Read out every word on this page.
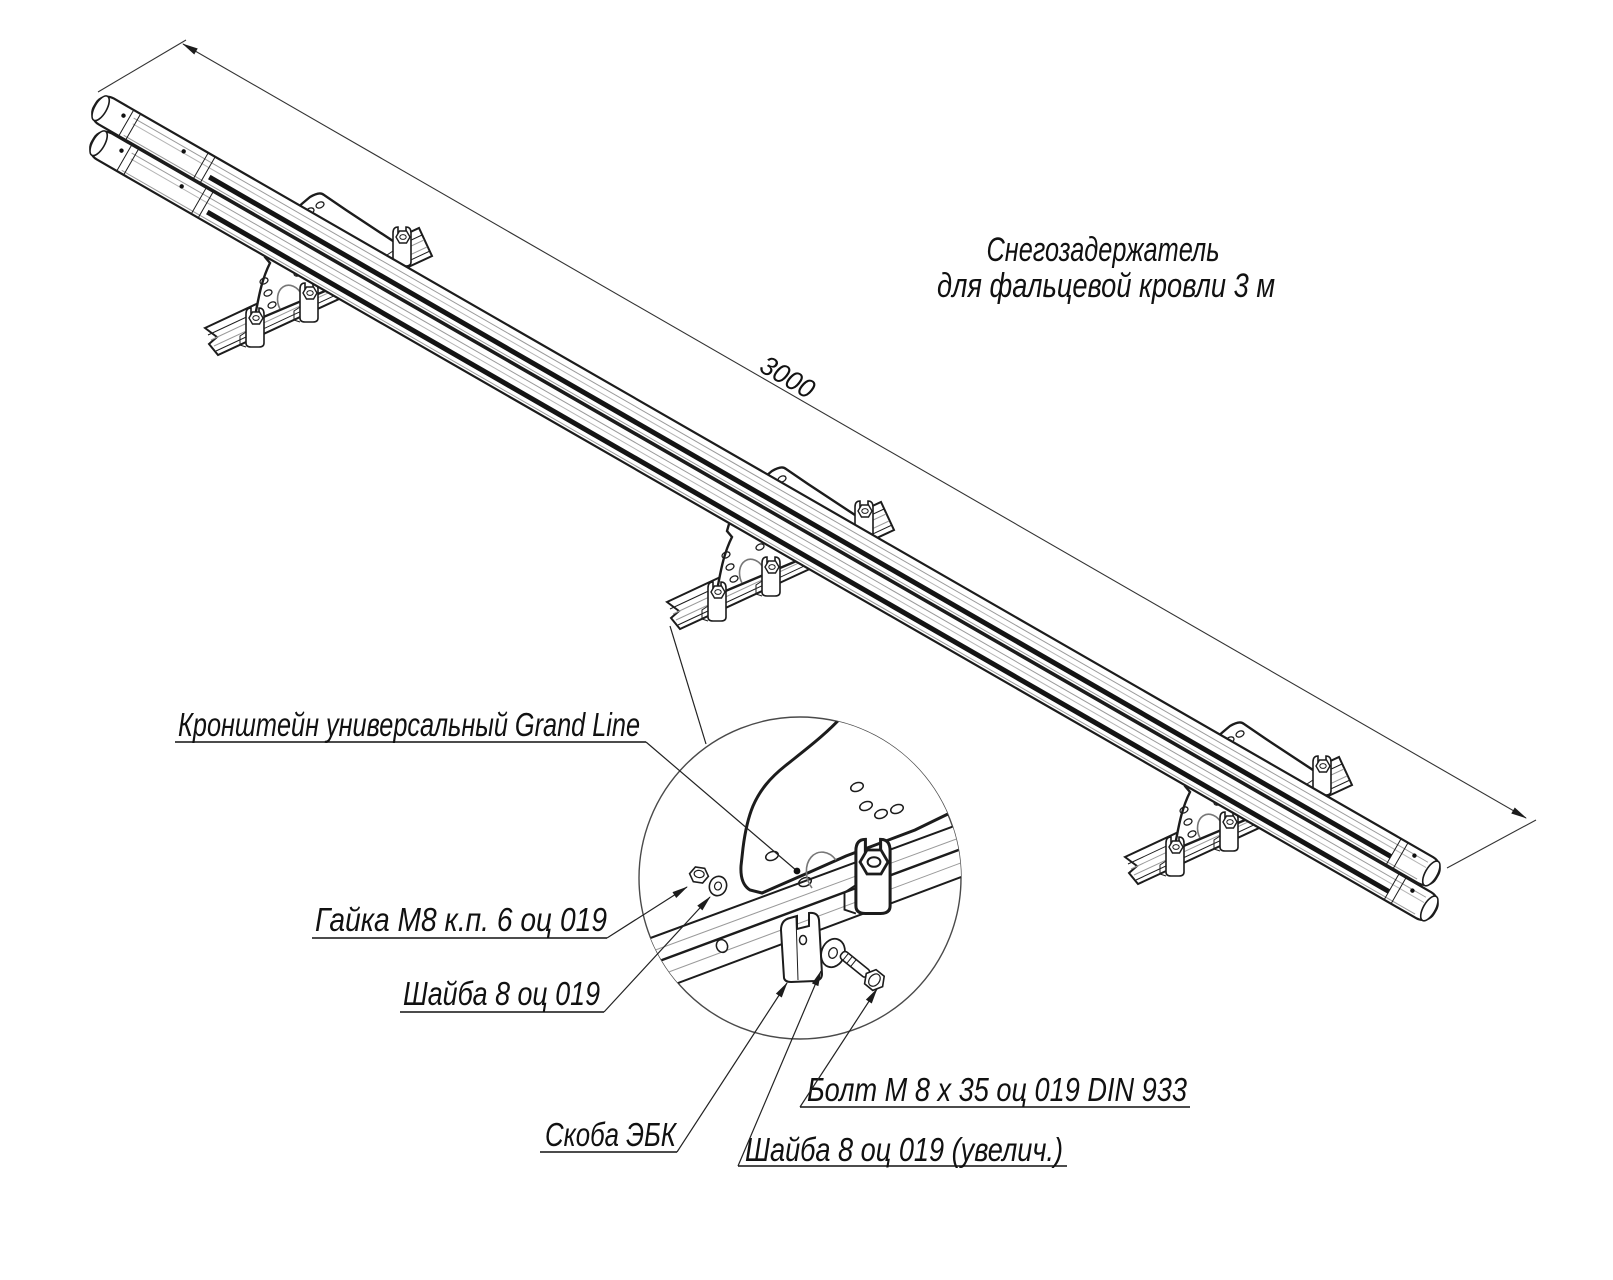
3000
Снегозадержатель
для фальцевой кровли 3 м
Кронштейн универсальный Grand Line
Гайка М8 к.п. 6 оц 019
Шайба 8 оц 019
Скоба ЭБК
Болт М 8 х 35 оц 019 DIN 933
Шайба 8 оц 019 (увелич.)
